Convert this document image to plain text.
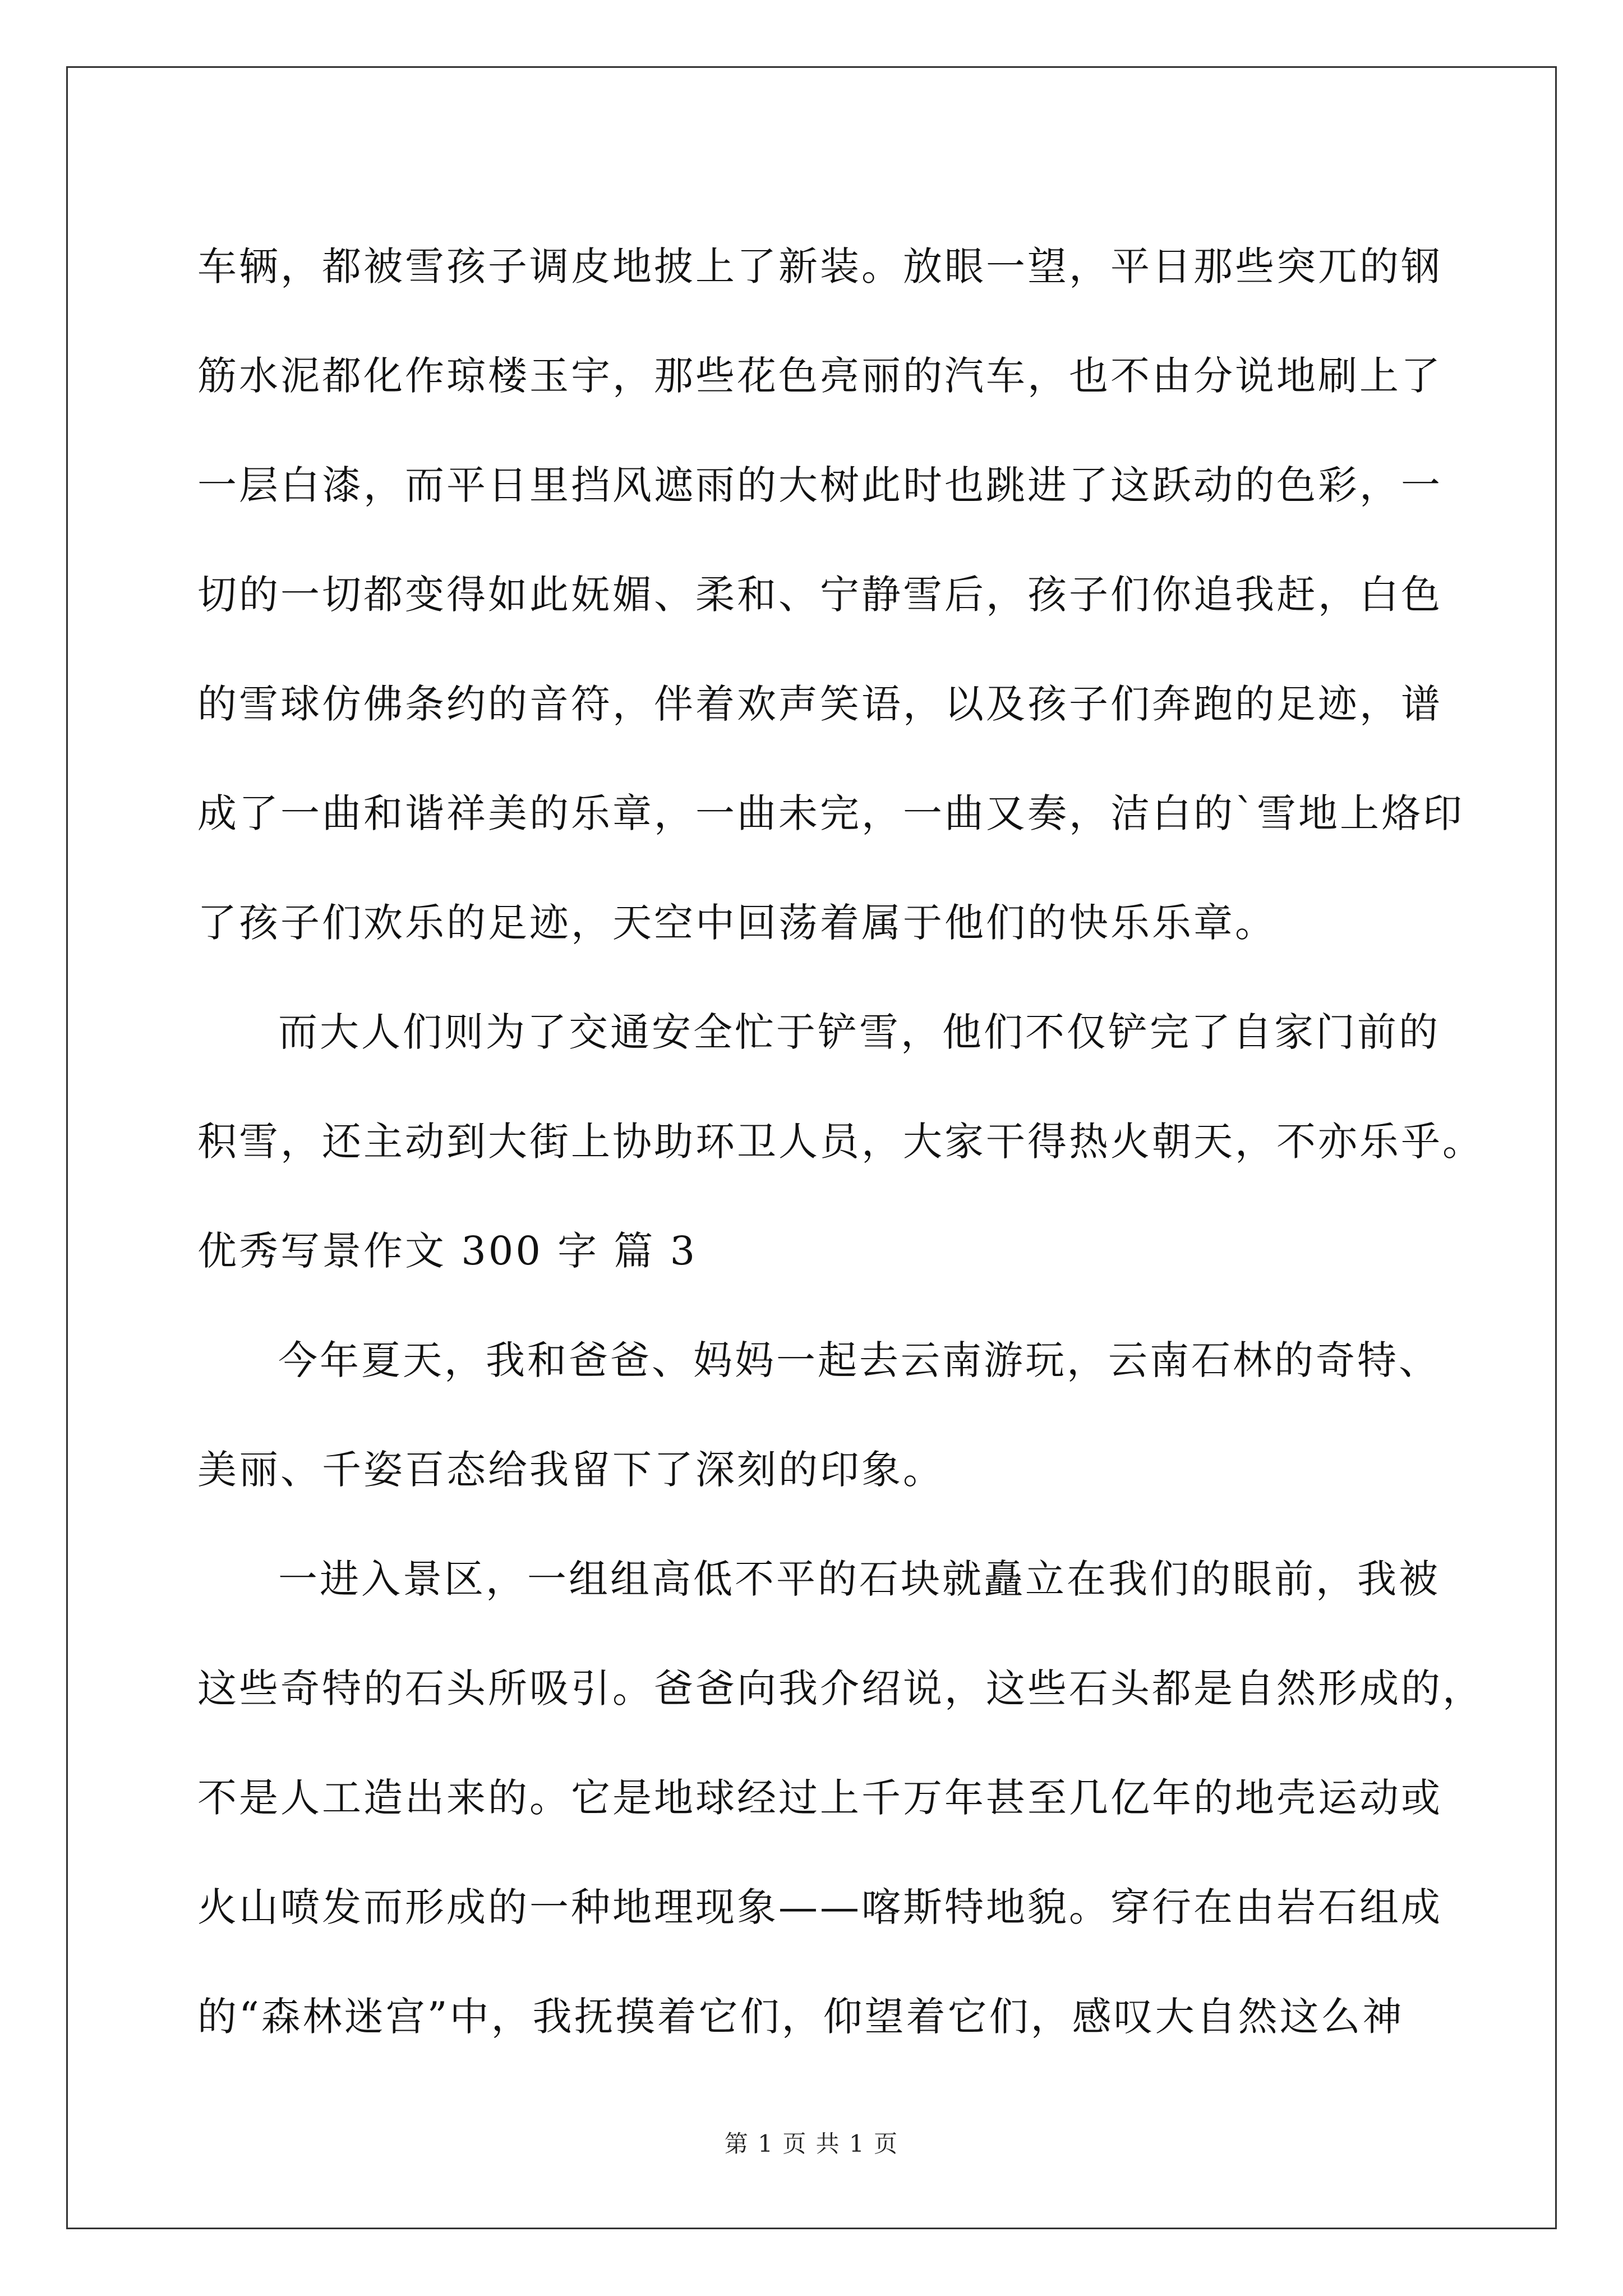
车辆，都被雪孩子调皮地披上了新装。放眼一望，平日那些突兀的钢
筋水泥都化作琼楼玉宇，那些花色亮丽的汽车，也不由分说地刷上了
一层白漆，而平日里挡风遮雨的大树此时也跳进了这跃动的色彩，一
切的一切都变得如此妩媚、柔和、宁静雪后，孩子们你追我赶，白色
的雪球仿佛条约的音符，伴着欢声笑语，以及孩子们奔跑的足迹，谱
成了一曲和谐祥美的乐章，一曲未完，一曲又奏，洁白的`雪地上烙印
了孩子们欢乐的足迹，天空中回荡着属于他们的快乐乐章。
而大人们则为了交通安全忙于铲雪，他们不仅铲完了自家门前的
积雪，还主动到大街上协助环卫人员，大家干得热火朝天，不亦乐乎。
优秀写景作文 300 字 篇 3
今年夏天，我和爸爸、妈妈一起去云南游玩，云南石林的奇特、
美丽、千姿百态给我留下了深刻的印象。
一进入景区，一组组高低不平的石块就矗立在我们的眼前，我被
这些奇特的石头所吸引。爸爸向我介绍说，这些石头都是自然形成的，
不是人工造出来的。它是地球经过上千万年甚至几亿年的地壳运动或
火山喷发而形成的一种地理现象——喀斯特地貌。穿行在由岩石组成
的“森林迷宫”中，我抚摸着它们，仰望着它们，感叹大自然这么神
第 1 页 共 1 页
